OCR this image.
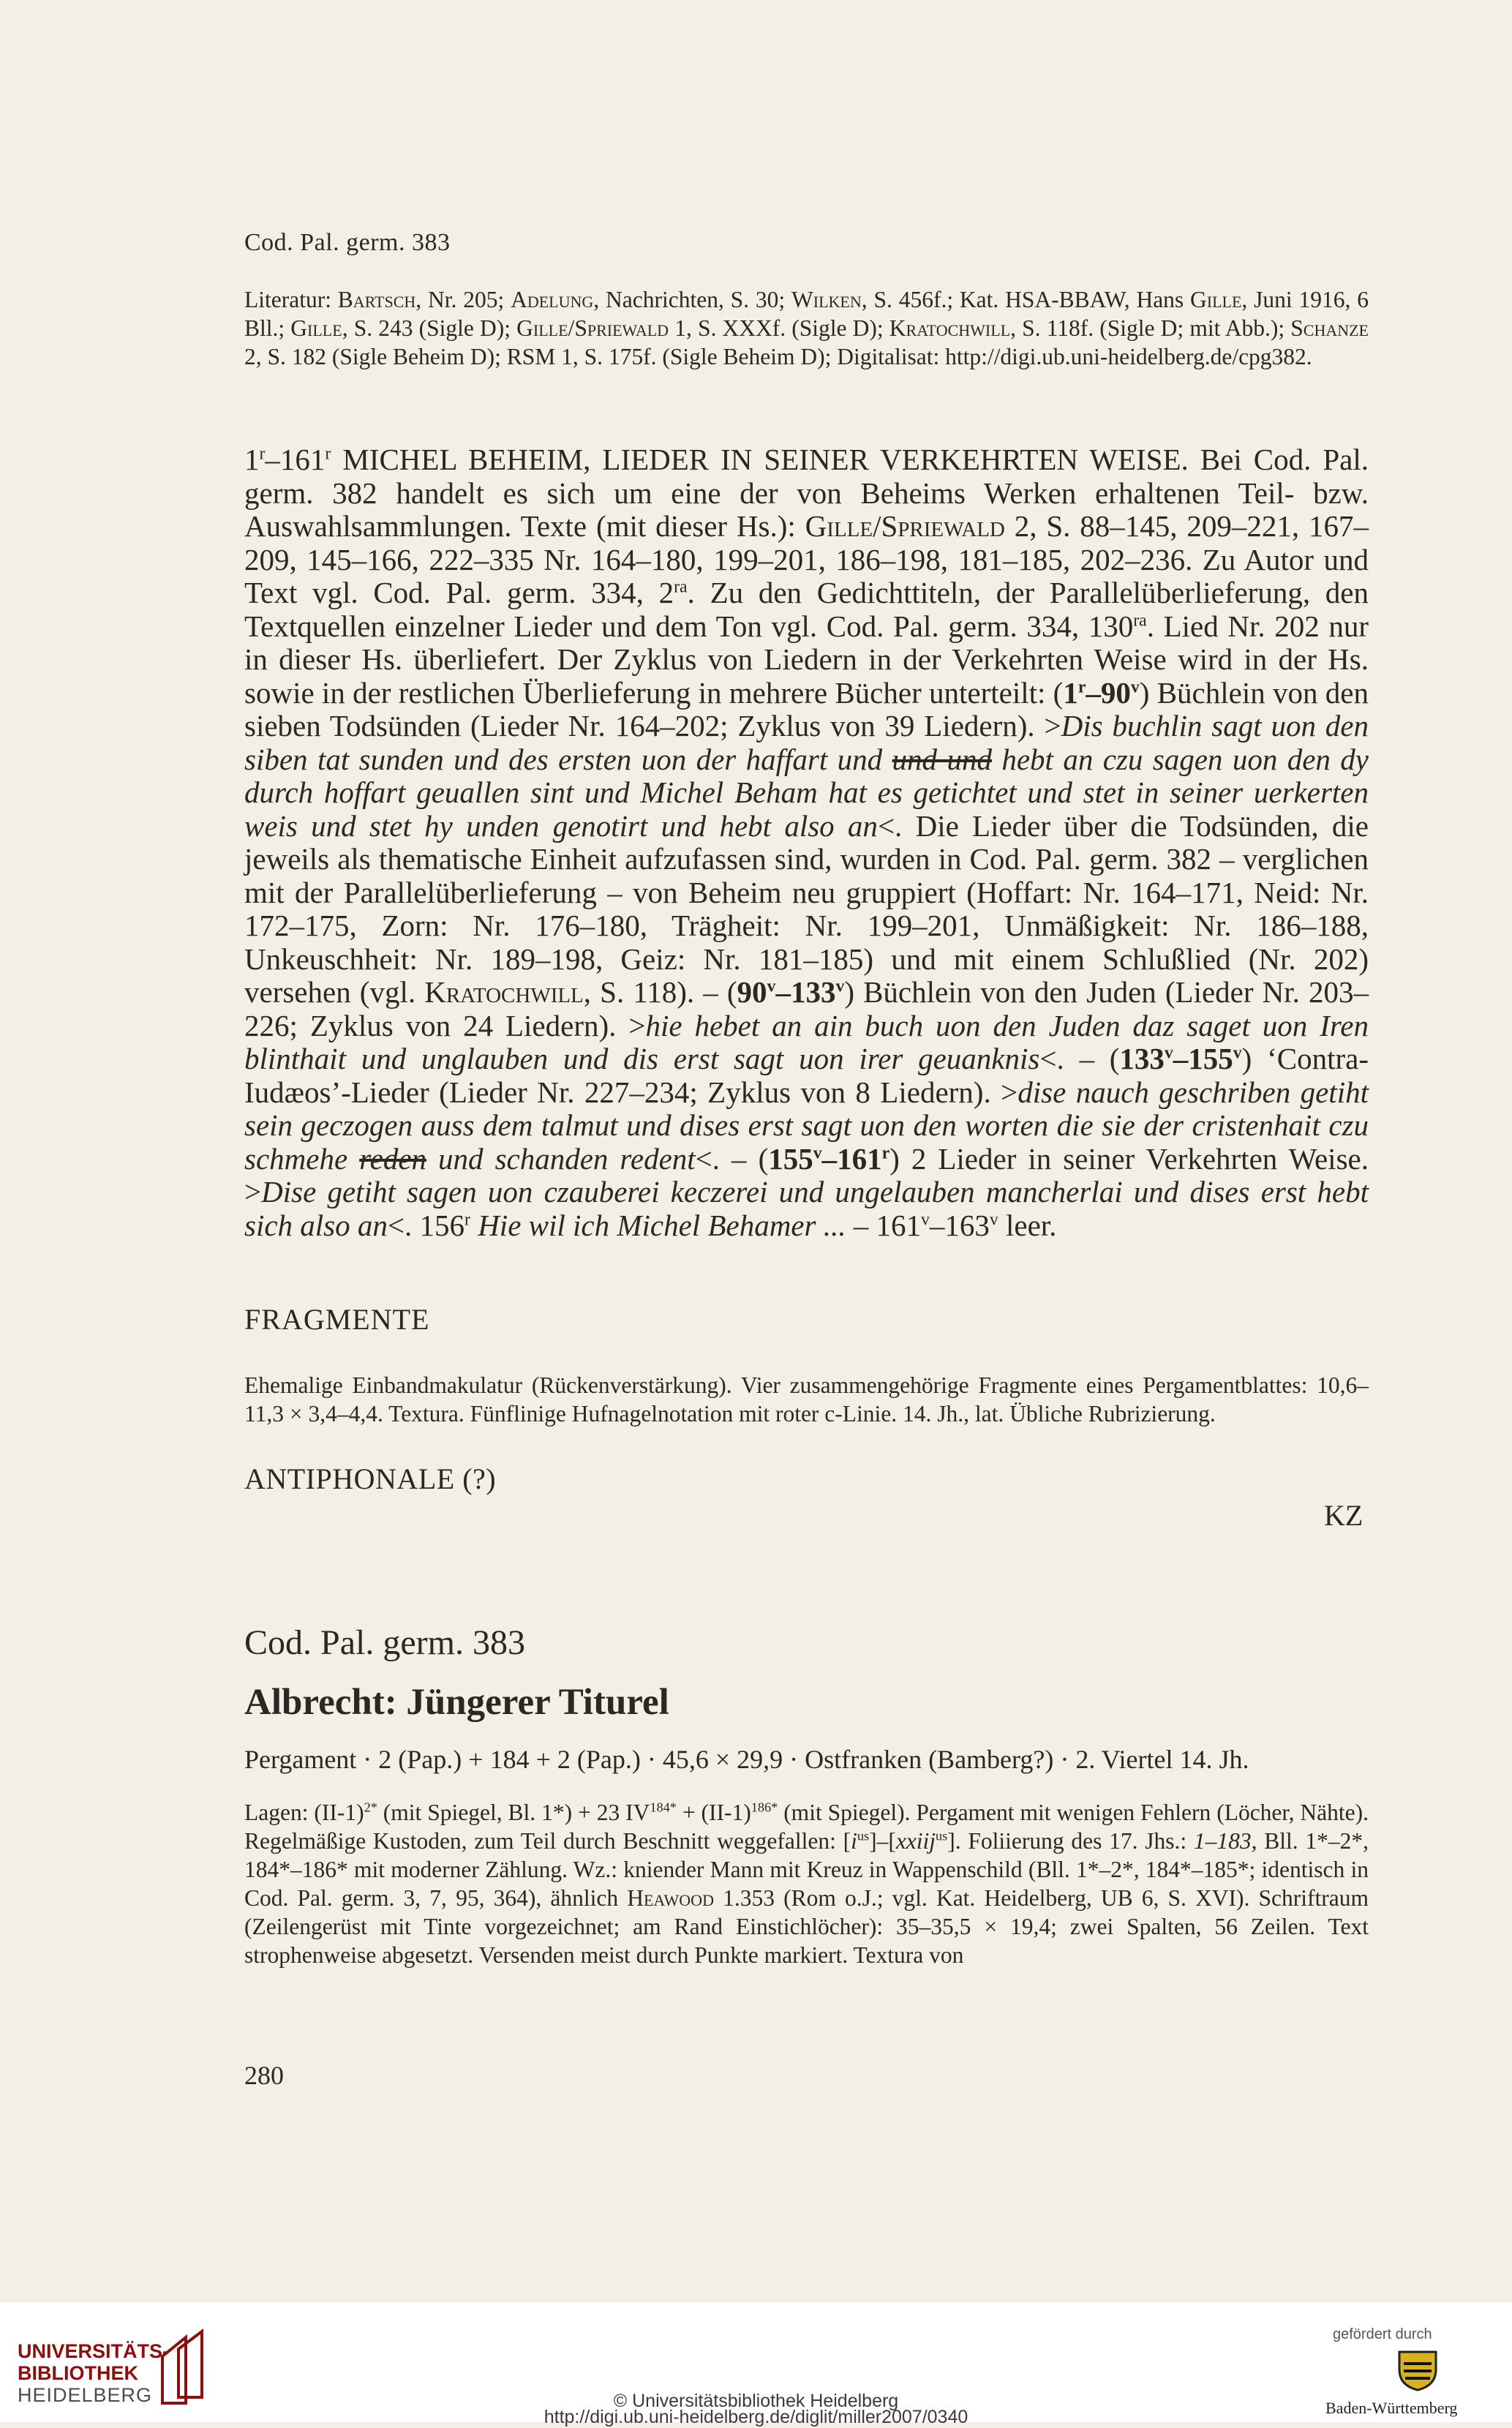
Cod. Pal. germ. 383
Literatur: Bartsch, Nr. 205; Adelung, Nachrichten, S. 30; Wilken, S. 456f.; Kat. HSA-BBAW, Hans Gille, Juni 1916, 6 Bll.; Gille, S. 243 (Sigle D); Gille/Spriewald 1, S. XXXf. (Sigle D); Kratochwill, S. 118f. (Sigle D; mit Abb.); Schanze 2, S. 182 (Sigle Beheim D); RSM 1, S. 175f. (Sigle Beheim D); Digitalisat: http://digi.ub.uni-heidelberg.de/cpg382.
1$^r$–161$^r$ MICHEL BEHEIM, LIEDER IN SEINER VERKEHRTEN WEISE. Bei Cod. Pal. germ. 382 handelt es sich um eine der von Beheims Werken erhaltenen Teil- bzw. Auswahlsammlungen. Texte (mit dieser Hs.): Gille/Spriewald 2, S. 88–145, 209–221, 167–209, 145–166, 222–335 Nr. 164–180, 199–201, 186–198, 181–185, 202–236. Zu Autor und Text vgl. Cod. Pal. germ. 334, $2^{ra}$. Zu den Gedichttiteln, der Parallelüberlieferung, den Textquellen einzelner Lieder und dem Ton vgl. Cod. Pal. germ. 334, $130^{ra}$. Lied Nr. 202 nur in dieser Hs. überliefert. Der Zyklus von Liedern in der Verkehrten Weise wird in der Hs. sowie in der restlichen Überlieferung in mehrere Bücher unterteilt: (1$^r$–90$^v$) Büchlein von den sieben Todsünden (Lieder Nr. 164–202; Zyklus von 39 Liedern). >Dis buchlin sagt uon den siben tat sunden und des ersten uon der haffart und und und hebt an czu sagen uon den dy durch hoffart geuallen sint und Michel Beham hat es getichtet und stet in seiner uerkerten weis und stet hy unden genotirt und hebt also an<. Die Lieder über die Todsünden, die jeweils als thematische Einheit aufzufassen sind, wurden in Cod. Pal. germ. 382 – verglichen mit der Parallelüberlieferung – von Beheim neu gruppiert (Hoffart: Nr. 164–171, Neid: Nr. 172–175, Zorn: Nr. 176–180, Trägheit: Nr. 199–201, Unmäßigkeit: Nr. 186–188, Unkeuschheit: Nr. 189–198, Geiz: Nr. 181–185) und mit einem Schlußlied (Nr. 202) versehen (vgl. Kratochwill, S. 118). – (90$^v$–133$^v$) Büchlein von den Juden (Lieder Nr. 203–226; Zyklus von 24 Liedern). >hie hebet an ain buch uon den Juden daz saget uon Iren blinthait und unglauben und dis erst sagt uon irer geuanknis<. – (133$^v$–155$^v$) ‘Contra-Iudæos’-Lieder (Lieder Nr. 227–234; Zyklus von 8 Liedern). >dise nauch geschriben getiht sein geczogen auss dem talmut und dises erst sagt uon den worten die sie der cristenhait czu schmehe reden und schanden redent<. – (155$^v$–161$^r$) 2 Lieder in seiner Verkehrten Weise. >Dise getiht sagen uon czauberei keczerei und ungelauben mancherlai und dises erst hebt sich also an<. 156$^r$ Hie wil ich Michel Behamer ... – 161$^v$–163$^v$ leer.
FRAGMENTE
Ehemalige Einbandmakulatur (Rückenverstärkung). Vier zusammengehörige Fragmente eines Pergamentblattes: 10,6–11,3 × 3,4–4,4. Textura. Fünflinige Hufnagelnotation mit roter c-Linie. 14. Jh., lat. Übliche Rubrizierung.
ANTIPHONALE (?)
KZ
Cod. Pal. germ. 383
Albrecht: Jüngerer Titurel
Pergament · 2 (Pap.) + 184 + 2 (Pap.) · 45,6 × 29,9 · Ostfranken (Bamberg?) · 2. Viertel 14. Jh.
Lagen: $(II-1)^{2*}$ (mit Spiegel, Bl. 1*) + 23 $IV^{184*} + (II-1)^{186*}$ (mit Spiegel). Pergament mit wenigen Fehlern (Löcher, Nähte). Regelmäßige Kustoden, zum Teil durch Beschnitt weggefallen: $[i^{us}]-[xxiij^{us}]$. Foliierung des 17. Jhs.: 1–183, Bll. 1*–2*, 184*–186* mit moderner Zählung. Wz.: kniender Mann mit Kreuz in Wappenschild (Bll. 1*–2*, 184*–185*; identisch in Cod. Pal. germ. 3, 7, 95, 364), ähnlich Heawood 1.353 (Rom o.J.; vgl. Kat. Heidelberg, UB 6, S. XVI). Schriftraum (Zeilengerüst mit Tinte vorgezeichnet; am Rand Einstichlöcher): 35–35,5 × 19,4; zwei Spalten, 56 Zeilen. Text strophenweise abgesetzt. Versenden meist durch Punkte markiert. Textura von
280
UNIVERSITÄTS-
BIBLIOTHEK
HEIDELBERG	© Universitätsbibliothek Heidelberg
http://digi.ub.uni-heidelberg.de/diglit/miller2007/0340
gefördert durch
Baden-Württemberg
